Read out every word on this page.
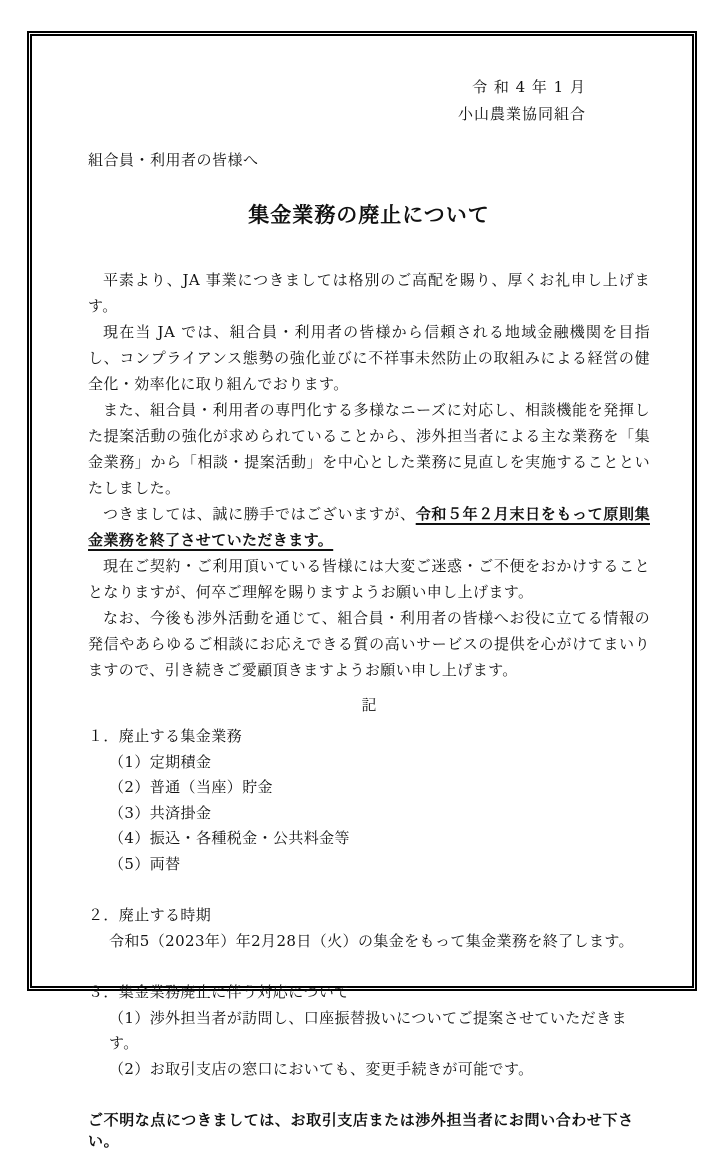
令 和 4 年 1 月
小山農業協同組合
組合員・利用者の皆様へ
集金業務の廃止について

平素より、JA 事業につきましては格別のご高配を賜り、厚くお礼申し上げます。

現在当 JA では、組合員・利用者の皆様から信頼される地域金融機関を目指し、コンプライアンス態勢の強化並びに不祥事未然防止の取組みによる経営の健全化・効率化に取り組んでおります。

また、組合員・利用者の専門化する多様なニーズに対応し、相談機能を発揮した提案活動の強化が求められていることから、渉外担当者による主な業務を「集金業務」から「相談・提案活動」を中心とした業務に見直しを実施することといたしました。

つきましては、誠に勝手ではございますが、令和５年２月末日をもって原則集金業務を終了させていただきます。

現在ご契約・ご利用頂いている皆様には大変ご迷惑・ご不便をおかけすることとなりますが、何卒ご理解を賜りますようお願い申し上げます。

なお、今後も渉外活動を通じて、組合員・利用者の皆様へお役に立てる情報の発信やあらゆるご相談にお応えできる質の高いサービスの提供を心がけてまいりますので、引き続きご愛顧頂きますようお願い申し上げます。

記

１．廃止する集金業務

（1）定期積金

（2）普通（当座）貯金

（3）共済掛金

（4）振込・各種税金・公共料金等

（5）両替

２．廃止する時期

令和5（2023年）年2月28日（火）の集金をもって集金業務を終了します。

３．集金業務廃止に伴う対応について

（1）渉外担当者が訪問し、口座振替扱いについてご提案させていただきます。

（2）お取引支店の窓口においても、変更手続きが可能です。

ご不明な点につきましては、お取引支店または渉外担当者にお問い合わせ下さい。
